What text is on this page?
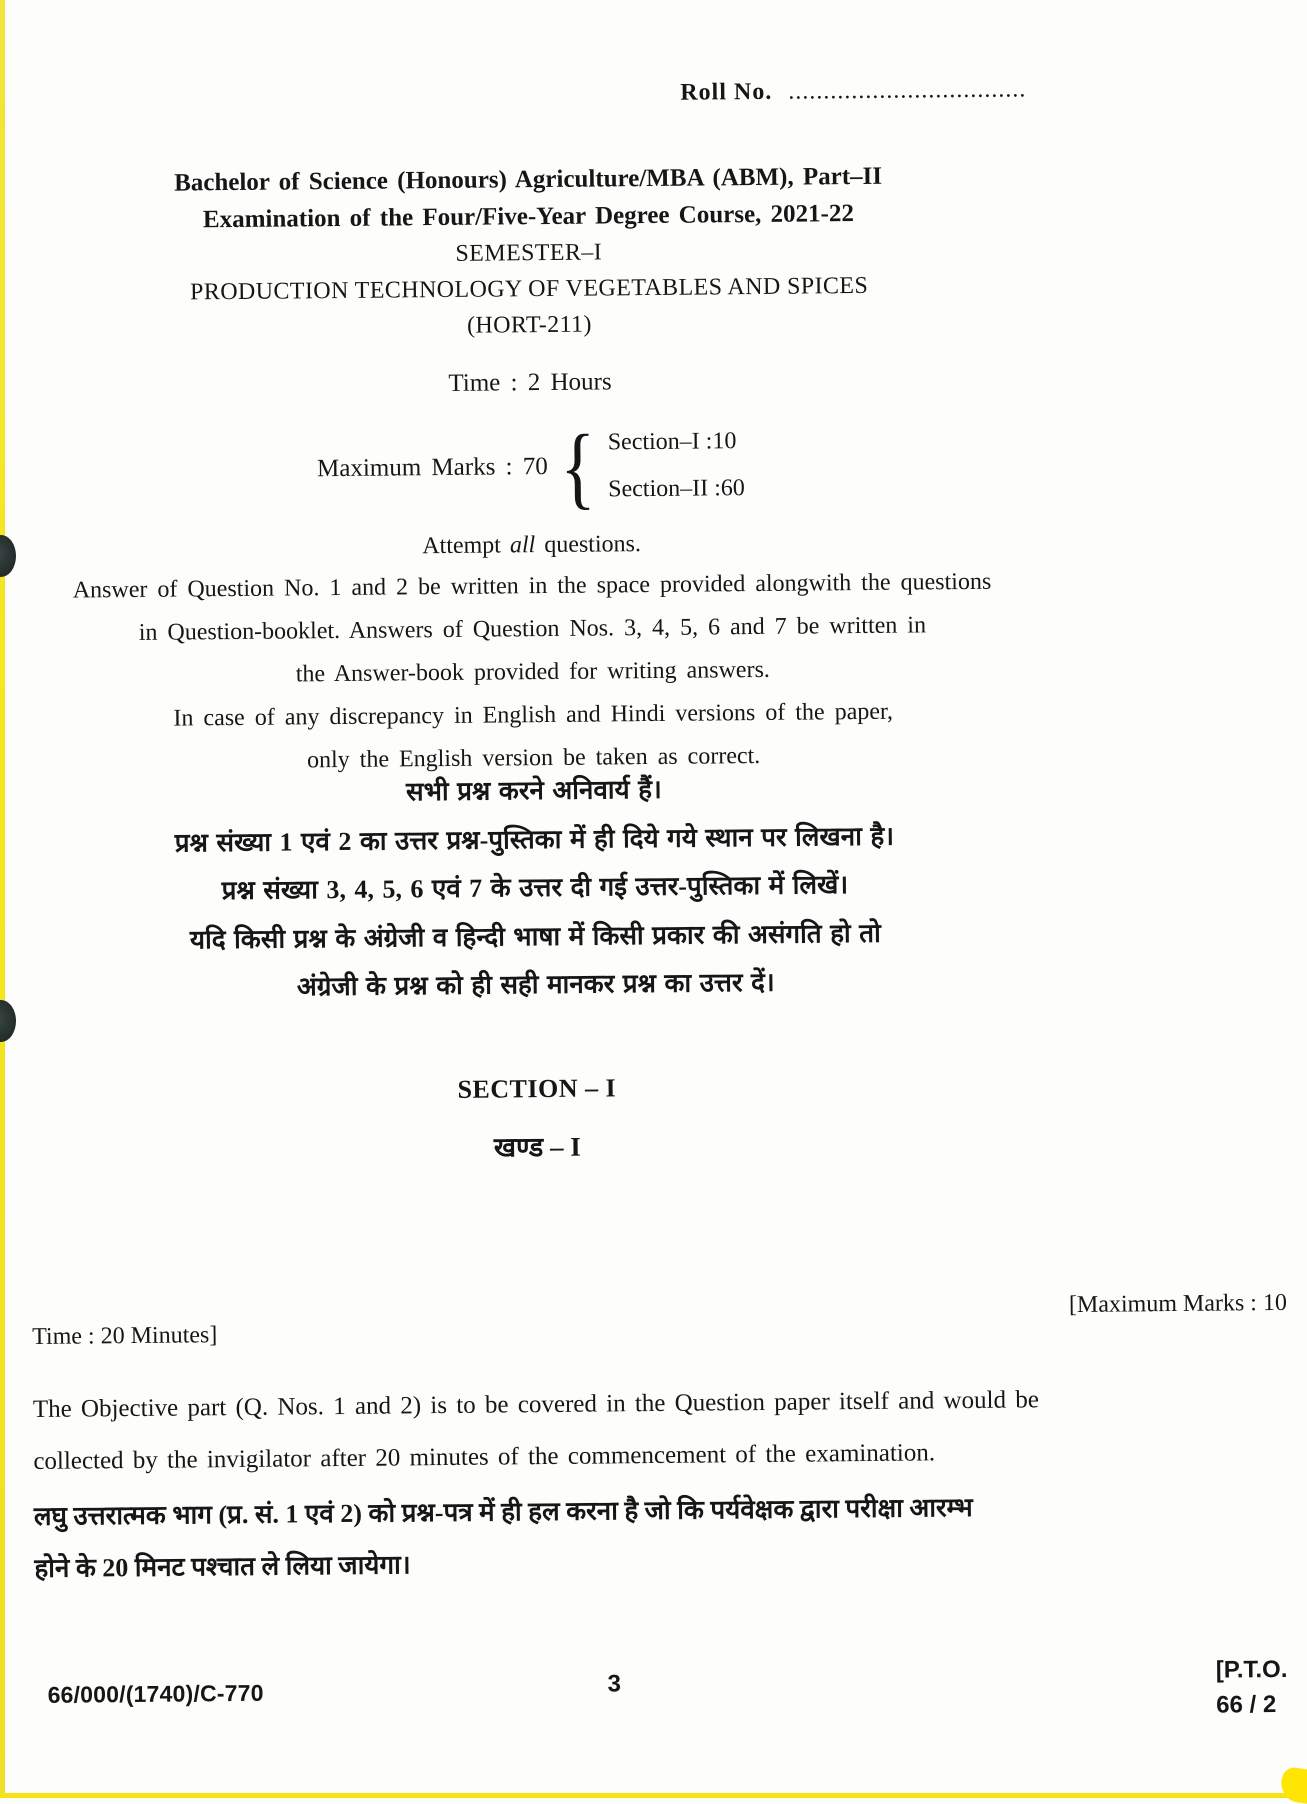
Roll No. ..................................
Bachelor of Science (Honours) Agriculture/MBA (ABM), Part–II
Examination of the Four/Five-Year Degree Course, 2021-22
SEMESTER–I
PRODUCTION TECHNOLOGY OF VEGETABLES AND SPICES
(HORT-211)
Time : 2 Hours
Maximum Marks : 70 { Section–I :10
Section–II :60
Attempt all questions.
Answer of Question No. 1 and 2 be written in the space provided alongwith the questions
in Question-booklet. Answers of Question Nos. 3, 4, 5, 6 and 7 be written in
the Answer-book provided for writing answers.
In case of any discrepancy in English and Hindi versions of the paper,
only the English version be taken as correct.
सभी प्रश्न करने अनिवार्य हैं।
प्रश्न संख्या 1 एवं 2 का उत्तर प्रश्न-पुस्तिका में ही दिये गये स्थान पर लिखना है।
प्रश्न संख्या 3, 4, 5, 6 एवं 7 के उत्तर दी गई उत्तर-पुस्तिका में लिखें।
यदि किसी प्रश्न के अंग्रेजी व हिन्दी भाषा में किसी प्रकार की असंगति हो तो
अंग्रेजी के प्रश्न को ही सही मानकर प्रश्न का उत्तर दें।
SECTION – I
खण्ड – I
Time : 20 Minutes]
[Maximum Marks : 10
The Objective part (Q. Nos. 1 and 2) is to be covered in the Question paper itself and would be
collected by the invigilator after 20 minutes of the commencement of the examination.
लघु उत्तरात्मक भाग (प्र. सं. 1 एवं 2) को प्रश्न-पत्र में ही हल करना है जो कि पर्यवेक्षक द्वारा परीक्षा आरम्भ
होने के 20 मिनट पश्चात ले लिया जायेगा।
66/000/(1740)/C-770	3
[P.T.O.
66 / 2
